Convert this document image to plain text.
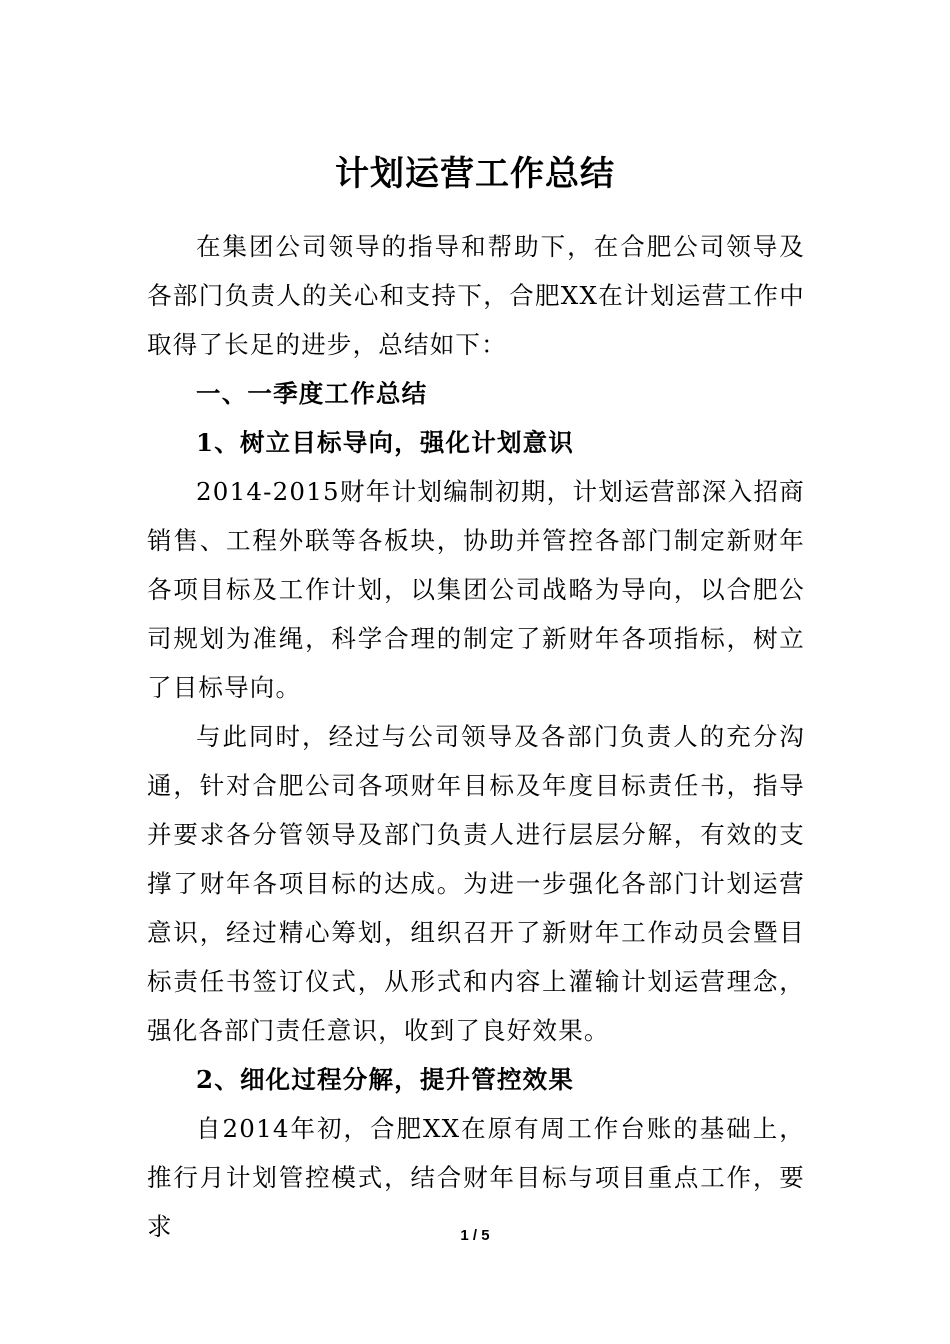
计划运营工作总结

在集团公司领导的指导和帮助下，在合肥公司领导及各部门负责人的关心和支持下，合肥XX在计划运营工作中取得了长足的进步，总结如下：

一、一季度工作总结

1、树立目标导向，强化计划意识

2014-2015财年计划编制初期，计划运营部深入招商销售、工程外联等各板块，协助并管控各部门制定新财年各项目标及工作计划，以集团公司战略为导向，以合肥公司规划为准绳，科学合理的制定了新财年各项指标，树立了目标导向。

与此同时，经过与公司领导及各部门负责人的充分沟通，针对合肥公司各项财年目标及年度目标责任书，指导并要求各分管领导及部门负责人进行层层分解，有效的支撑了财年各项目标的达成。为进一步强化各部门计划运营意识，经过精心筹划，组织召开了新财年工作动员会暨目标责任书签订仪式，从形式和内容上灌输计划运营理念，强化各部门责任意识，收到了良好效果。

2、细化过程分解，提升管控效果

自2014年初，合肥XX在原有周工作台账的基础上，推行月计划管控模式，结合财年目标与项目重点工作，要求	1 / 5
